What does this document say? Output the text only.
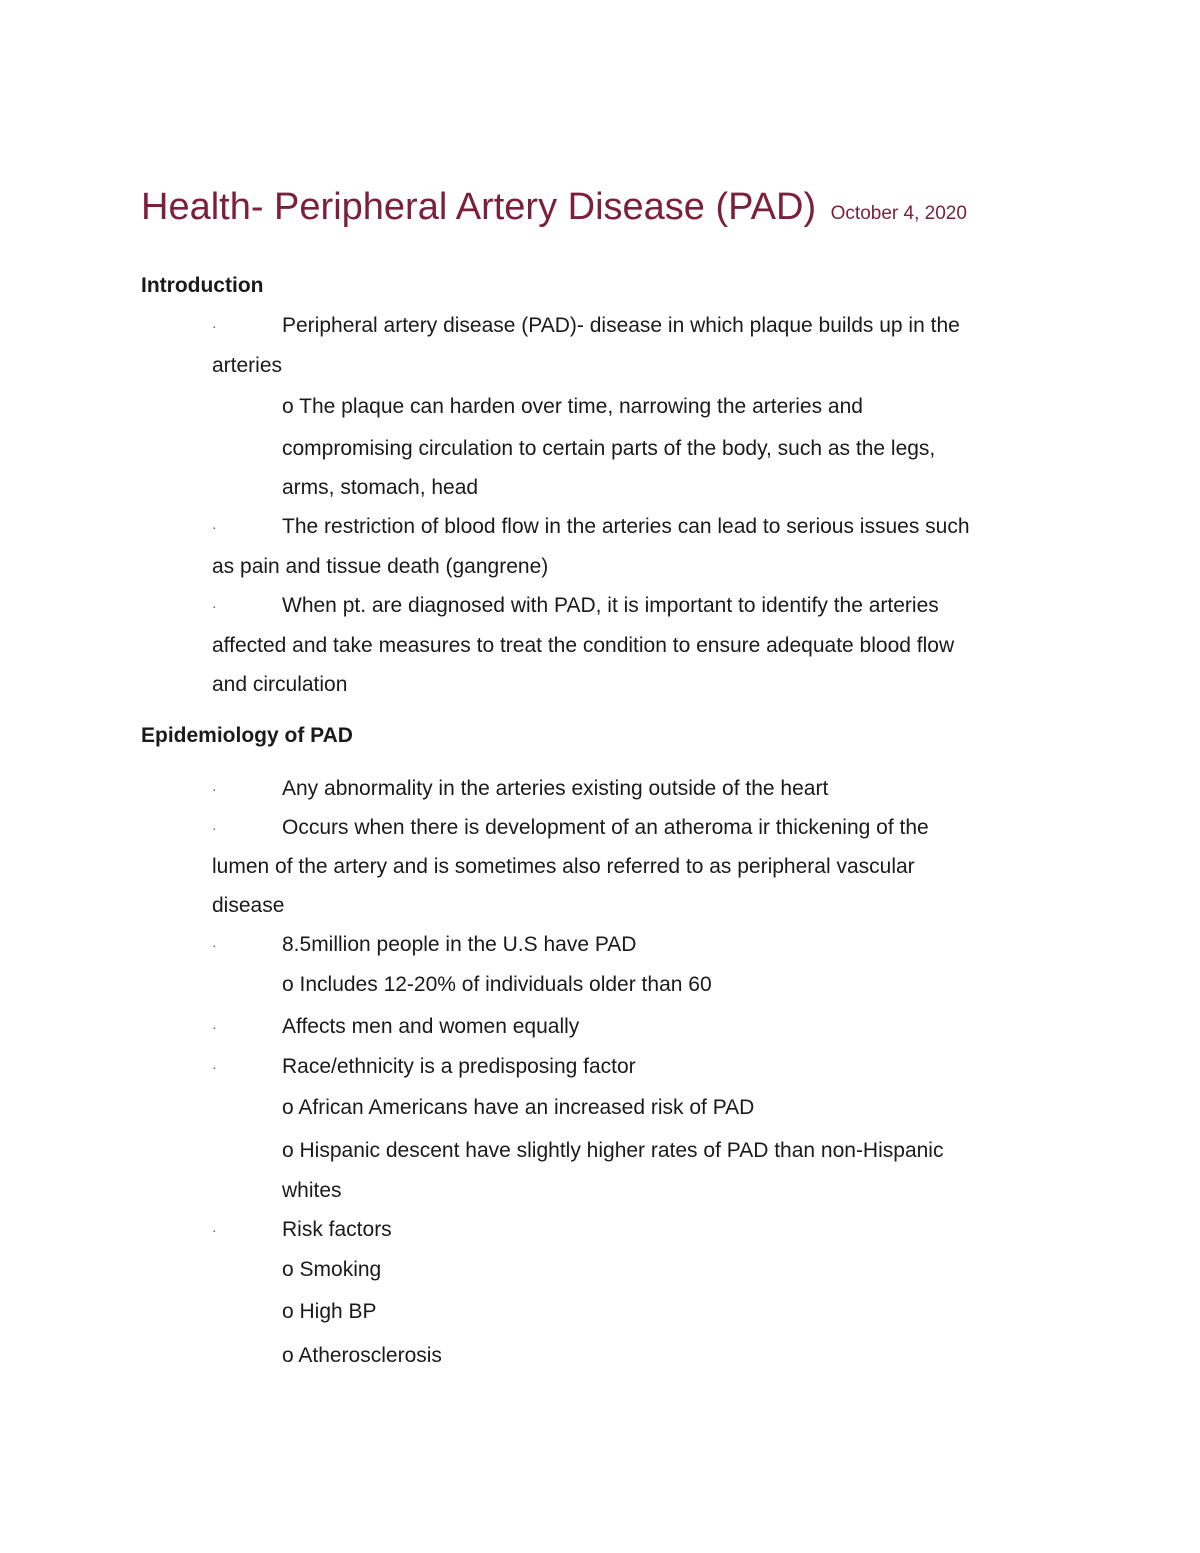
Health- Peripheral Artery Disease (PAD) October 4, 2020
Introduction
·	Peripheral artery disease (PAD)- disease in which plaque builds up in the
arteries
o The plaque can harden over time, narrowing the arteries and
compromising circulation to certain parts of the body, such as the legs,
arms, stomach, head
·	The restriction of blood flow in the arteries can lead to serious issues such
as pain and tissue death (gangrene)
·	When pt. are diagnosed with PAD, it is important to identify the arteries
affected and take measures to treat the condition to ensure adequate blood flow
and circulation
Epidemiology of PAD
·	Any abnormality in the arteries existing outside of the heart
·	Occurs when there is development of an atheroma ir thickening of the
lumen of the artery and is sometimes also referred to as peripheral vascular
disease
·	8.5million people in the U.S have PAD
o Includes 12-20% of individuals older than 60
·	Affects men and women equally
·	Race/ethnicity is a predisposing factor
o African Americans have an increased risk of PAD
o Hispanic descent have slightly higher rates of PAD than non-Hispanic
whites
·	Risk factors
o Smoking
o High BP
o Atherosclerosis
